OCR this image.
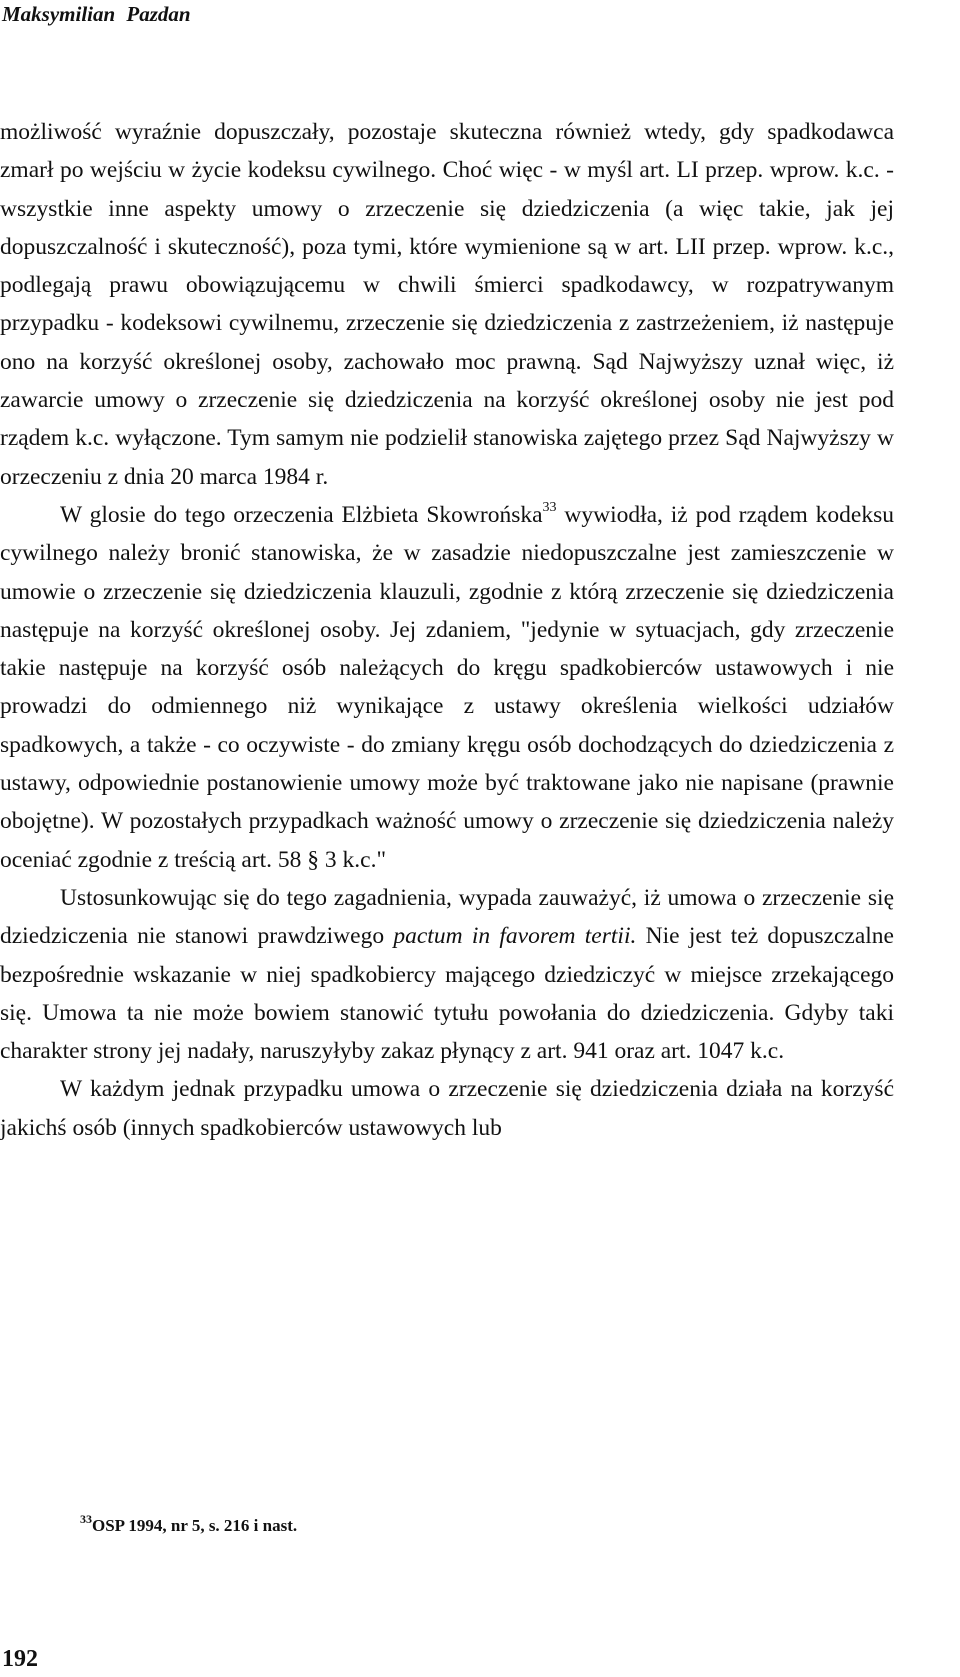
Maksymilian Pazdan

możliwość wyraźnie dopuszczały, pozostaje skuteczna również wtedy, gdy spadkodawca zmarł po wejściu w życie kodeksu cywilnego. Choć więc - w myśl art. LI przep. wprow. k.c. - wszystkie inne aspekty umowy o zrzeczenie się dziedziczenia (a więc takie, jak jej dopuszczalność i skuteczność), poza tymi, które wymienione są w art. LII przep. wprow. k.c., podlegają prawu obowiązującemu w chwili śmierci spadkodawcy, w rozpatrywanym przypadku - kodeksowi cywilnemu, zrzeczenie się dziedziczenia z zastrzeżeniem, iż następuje ono na korzyść określonej osoby, zachowało moc prawną. Sąd Najwyższy uznał więc, iż zawarcie umowy o zrzeczenie się dziedziczenia na korzyść określonej osoby nie jest pod rządem k.c. wyłączone. Tym samym nie podzielił stanowiska zajętego przez Sąd Najwyższy w orzeczeniu z dnia 20 marca 1984 r.

W glosie do tego orzeczenia Elżbieta Skowrońska$^{33}$ wywiodła, iż pod rządem kodeksu cywilnego należy bronić stanowiska, że w zasadzie niedopuszczalne jest zamieszczenie w umowie o zrzeczenie się dziedziczenia klauzuli, zgodnie z którą zrzeczenie się dziedziczenia następuje na korzyść określonej osoby. Jej zdaniem, "jedynie w sytuacjach, gdy zrzeczenie takie następuje na korzyść osób należących do kręgu spadkobierców ustawowych i nie prowadzi do odmiennego niż wynikające z ustawy określenia wielkości udziałów spadkowych, a także - co oczywiste - do zmiany kręgu osób dochodzących do dziedziczenia z ustawy, odpowiednie postanowienie umowy może być traktowane jako nie napisane (prawnie obojętne). W pozostałych przypadkach ważność umowy o zrzeczenie się dziedziczenia należy oceniać zgodnie z treścią art. 58 § 3 k.c."

Ustosunkowując się do tego zagadnienia, wypada zauważyć, iż umowa o zrzeczenie się dziedziczenia nie stanowi prawdziwego pactum in favorem tertii. Nie jest też dopuszczalne bezpośrednie wskazanie w niej spadkobiercy mającego dziedziczyć w miejsce zrzekającego się. Umowa ta nie może bowiem stanowić tytułu powołania do dziedziczenia. Gdyby taki charakter strony jej nadały, naruszyłyby zakaz płynący z art. 941 oraz art. 1047 k.c.

W każdym jednak przypadku umowa o zrzeczenie się dziedziczenia działa na korzyść jakichś osób (innych spadkobierców ustawowych lub

$^{33}$OSP 1994, nr 5, s. 216 i nast.
192
